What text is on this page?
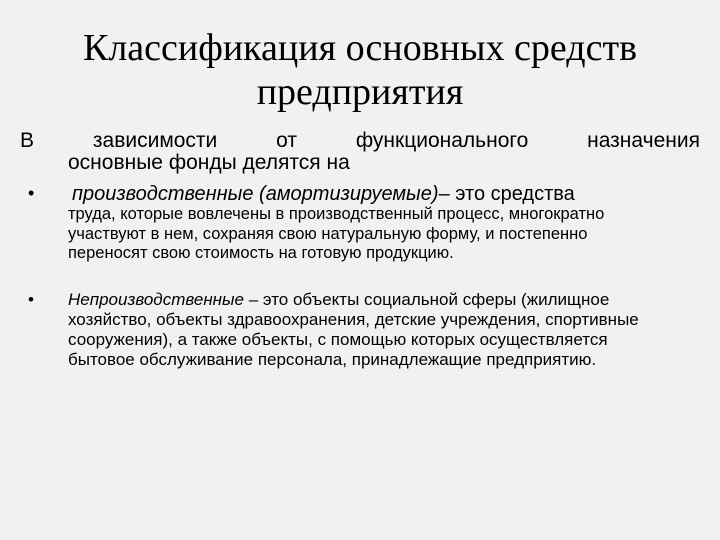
Классификация основных средств
предприятия
В	зависимости	от	функционального	назначения
основные фонды делятся на
•	производственные (амортизируемые)– это средства
труда, которые вовлечены в производственный процесс, многократно участвуют в нем, сохраняя свою натуральную форму, и постепенно переносят свою стоимость на готовую продукцию.
•	Непроизводственные – это объекты социальной сферы (жилищное хозяйство, объекты здравоохранения, детские учреждения, спортивные сооружения), а также объекты, с помощью которых осуществляется бытовое обслуживание персонала, принадлежащие предприятию.
